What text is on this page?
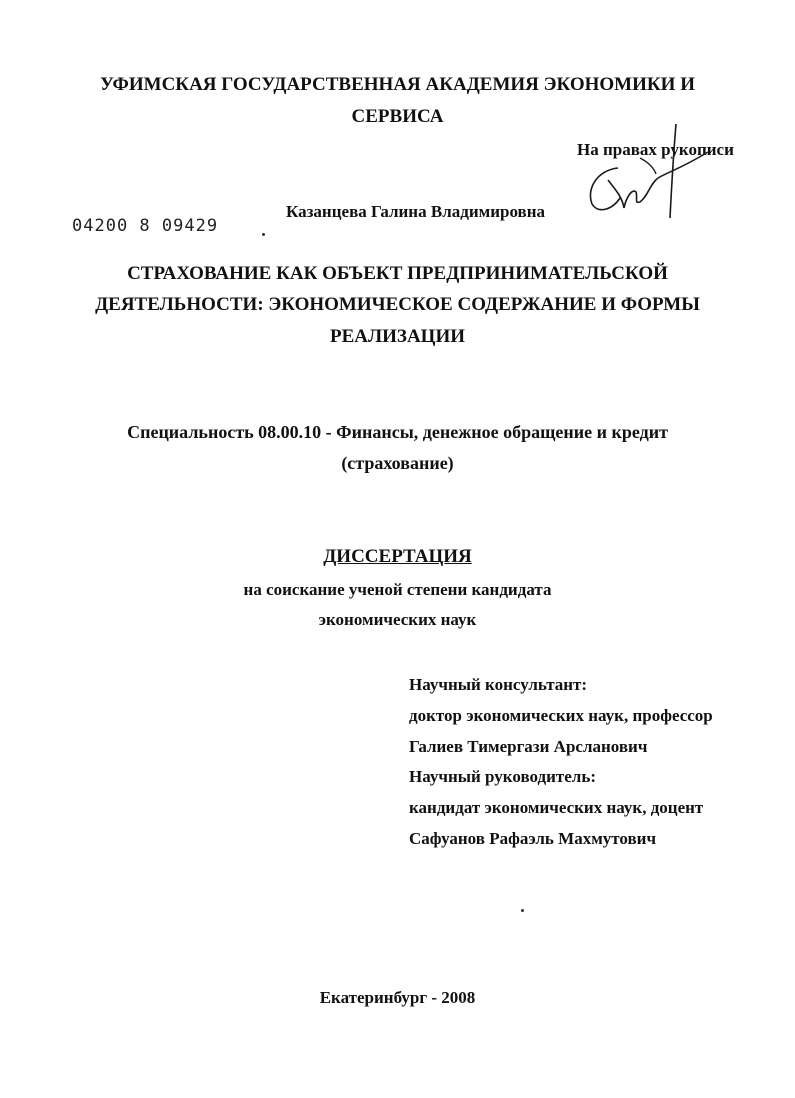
УФИМСКАЯ ГОСУДАРСТВЕННАЯ АКАДЕМИЯ ЭКОНОМИКИ И
СЕРВИСА
На правах рукописи
Казанцева Галина Владимировна
04200 8 09429
СТРАХОВАНИЕ КАК ОБЪЕКТ ПРЕДПРИНИМАТЕЛЬСКОЙ
ДЕЯТЕЛЬНОСТИ: ЭКОНОМИЧЕСКОЕ СОДЕРЖАНИЕ И ФОРМЫ
РЕАЛИЗАЦИИ
Специальность 08.00.10 - Финансы, денежное обращение и кредит
(страхование)
ДИССЕРТАЦИЯ
на соискание ученой степени кандидата
экономических наук
Научный консультант:
доктор экономических наук, профессор
Галиев Тимергази Арсланович
Научный руководитель:
кандидат экономических наук, доцент
Сафуанов Рафаэль Махмутович
Екатеринбург - 2008
